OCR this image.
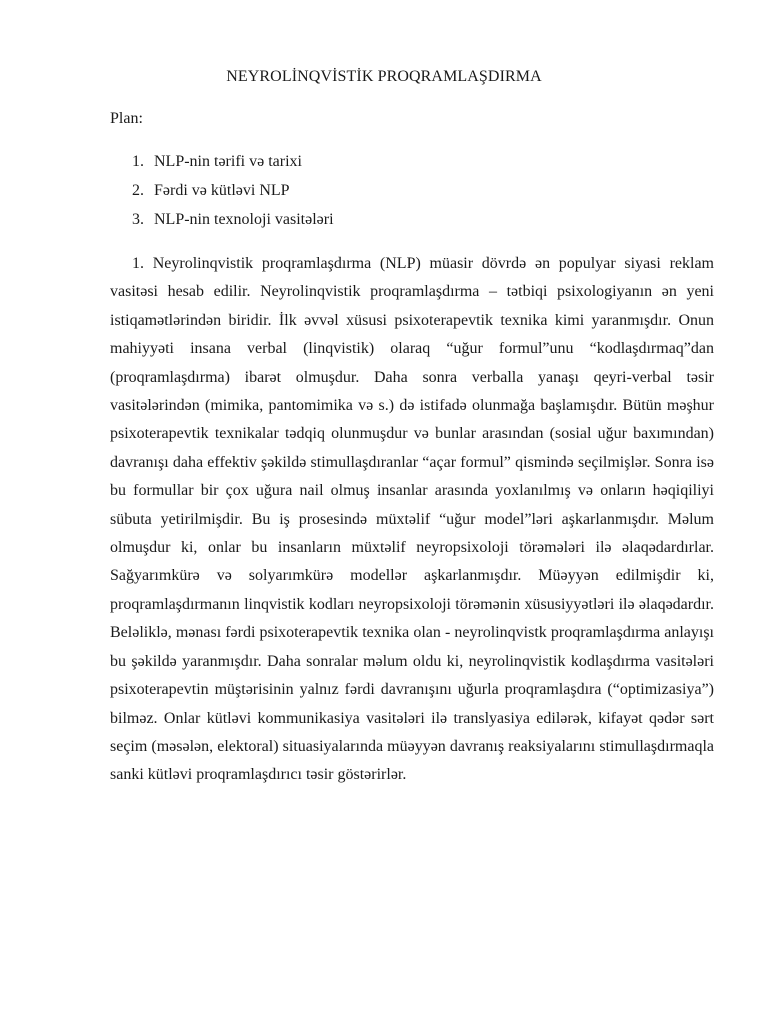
NEYROLİNQVİSTİK PROQRAMLAŞDIRMA
Plan:
1. NLP-nin tərifi və tarixi
2. Fərdi və kütləvi NLP
3. NLP-nin texnoloji vasitələri

1. Neyrolinqvistik proqramlaşdırma (NLP) müasir dövrdə ən populyar siyasi reklam vasitəsi hesab edilir. Neyrolinqvistik proqramlaşdırma – tətbiqi psixologiyanın ən yeni istiqamətlərindən biridir. İlk əvvəl xüsusi psixoterapevtik texnika kimi yaranmışdır. Onun mahiyyəti insana verbal (linqvistik) olaraq “uğur formul”unu “kodlaşdırmaq”dan (proqramlaşdırma) ibarət olmuşdur. Daha sonra verballa yanaşı qeyri-verbal təsir vasitələrindən (mimika, pantomimika və s.) də istifadə olunmağa başlamışdır. Bütün məşhur psixoterapevtik texnikalar tədqiq olunmuşdur və bunlar arasından (sosial uğur baxımından) davranışı daha effektiv şəkildə stimullaşdıranlar “açar formul” qismində seçilmişlər. Sonra isə bu formullar bir çox uğura nail olmuş insanlar arasında yoxlanılmış və onların həqiqiliyi sübuta yetirilmişdir. Bu iş prosesində müxtəlif “uğur model”ləri aşkarlanmışdır. Məlum olmuşdur ki, onlar bu insanların müxtəlif neyropsixoloji törəmələri ilə əlaqədardırlar. Sağyarımkürə və solyarımkürə modellər aşkarlanmışdır. Müəyyən edilmişdir ki, proqramlaşdırmanın linqvistik kodları neyropsixoloji törəmənin xüsusiyyətləri ilə əlaqədardır. Beləliklə, mənası fərdi psixoterapevtik texnika olan - neyrolinqvistk proqramlaşdırma anlayışı bu şəkildə yaranmışdır. Daha sonralar məlum oldu ki, neyrolinqvistik kodlaşdırma vasitələri psixoterapevtin müştərisinin yalnız fərdi davranışını uğurla proqramlaşdıra (“optimizasiya”) bilməz. Onlar kütləvi kommunikasiya vasitələri ilə translyasiya edilərək, kifayət qədər sərt seçim (məsələn, elektoral) situasiyalarında müəyyən davranış reaksiyalarını stimullaşdırmaqla sanki kütləvi proqramlaşdırıcı təsir göstərirlər.
